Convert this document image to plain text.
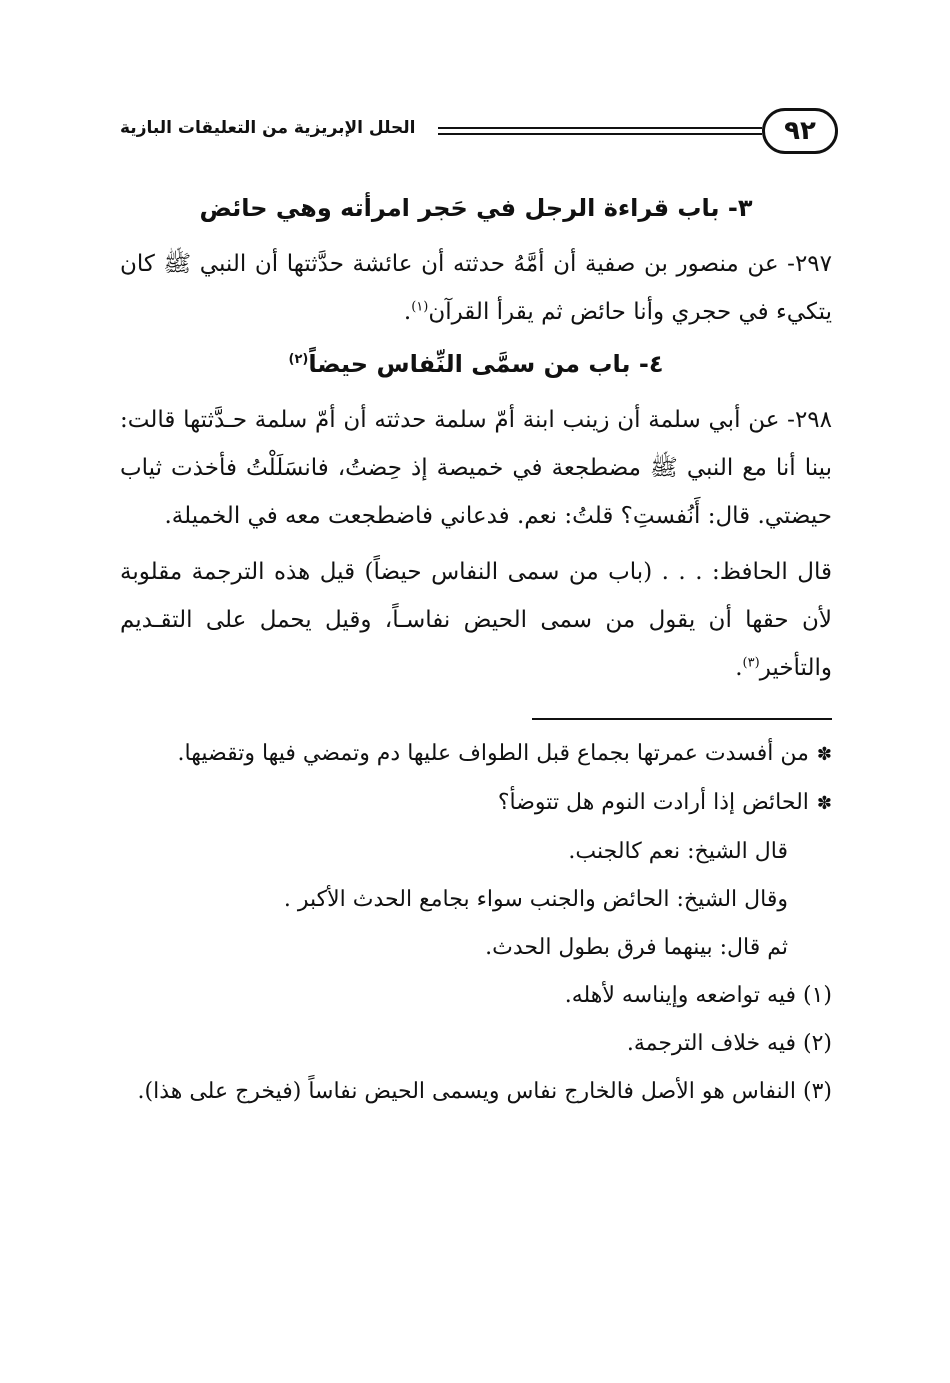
٩٢
الحلل الإبريزية من التعليقات البازية
٣- باب قراءة الرجل في حَجر امرأته وهي حائض

٢٩٧- عن منصور بن صفية أن أمَّهُ حدثته أن عائشة حدَّثتها أن النبي ﷺ كان يتكيء في حجري وأنا حائض ثم يقرأ القرآن$^{(١)}$.

٤- باب من سمَّى النِّفاس حيضاً$^{(٢)}$

٢٩٨- عن أبي سلمة أن زينب ابنة أمّ سلمة حدثته أن أمّ سلمة حـدَّثتها قالت: بينا أنا مع النبي ﷺ مضطجعة في خميصة إذ حِضتُ، فانسَلَلْتُ فأخذت ثياب حيضتي. قال: أَنُفستِ؟ قلتُ: نعم. فدعاني فاضطجعت معه في الخميلة.

قال الحافظ: . . . (باب من سمى النفاس حيضاً) قيل هذه الترجمة مقلوبة لأن حقها أن يقول من سمى الحيض نفاسـاً، وقيل يحمل على التقـديم والتأخير$^{(٣)}$.

✽من أفسدت عمرتها بجماع قبل الطواف عليها دم وتمضي فيها وتقضيها.

✽الحائض إذا أرادت النوم هل تتوضأ؟

قال الشيخ: نعم كالجنب.

وقال الشيخ: الحائض والجنب سواء بجامع الحدث الأكبر .

ثم قال: بينهما فرق بطول الحدث.

(١) فيه تواضعه وإيناسه لأهله.

(٢) فيه خلاف الترجمة.

(٣) النفاس هو الأصل فالخارج نفاس ويسمى الحيض نفاساً (فيخرج على هذا).
